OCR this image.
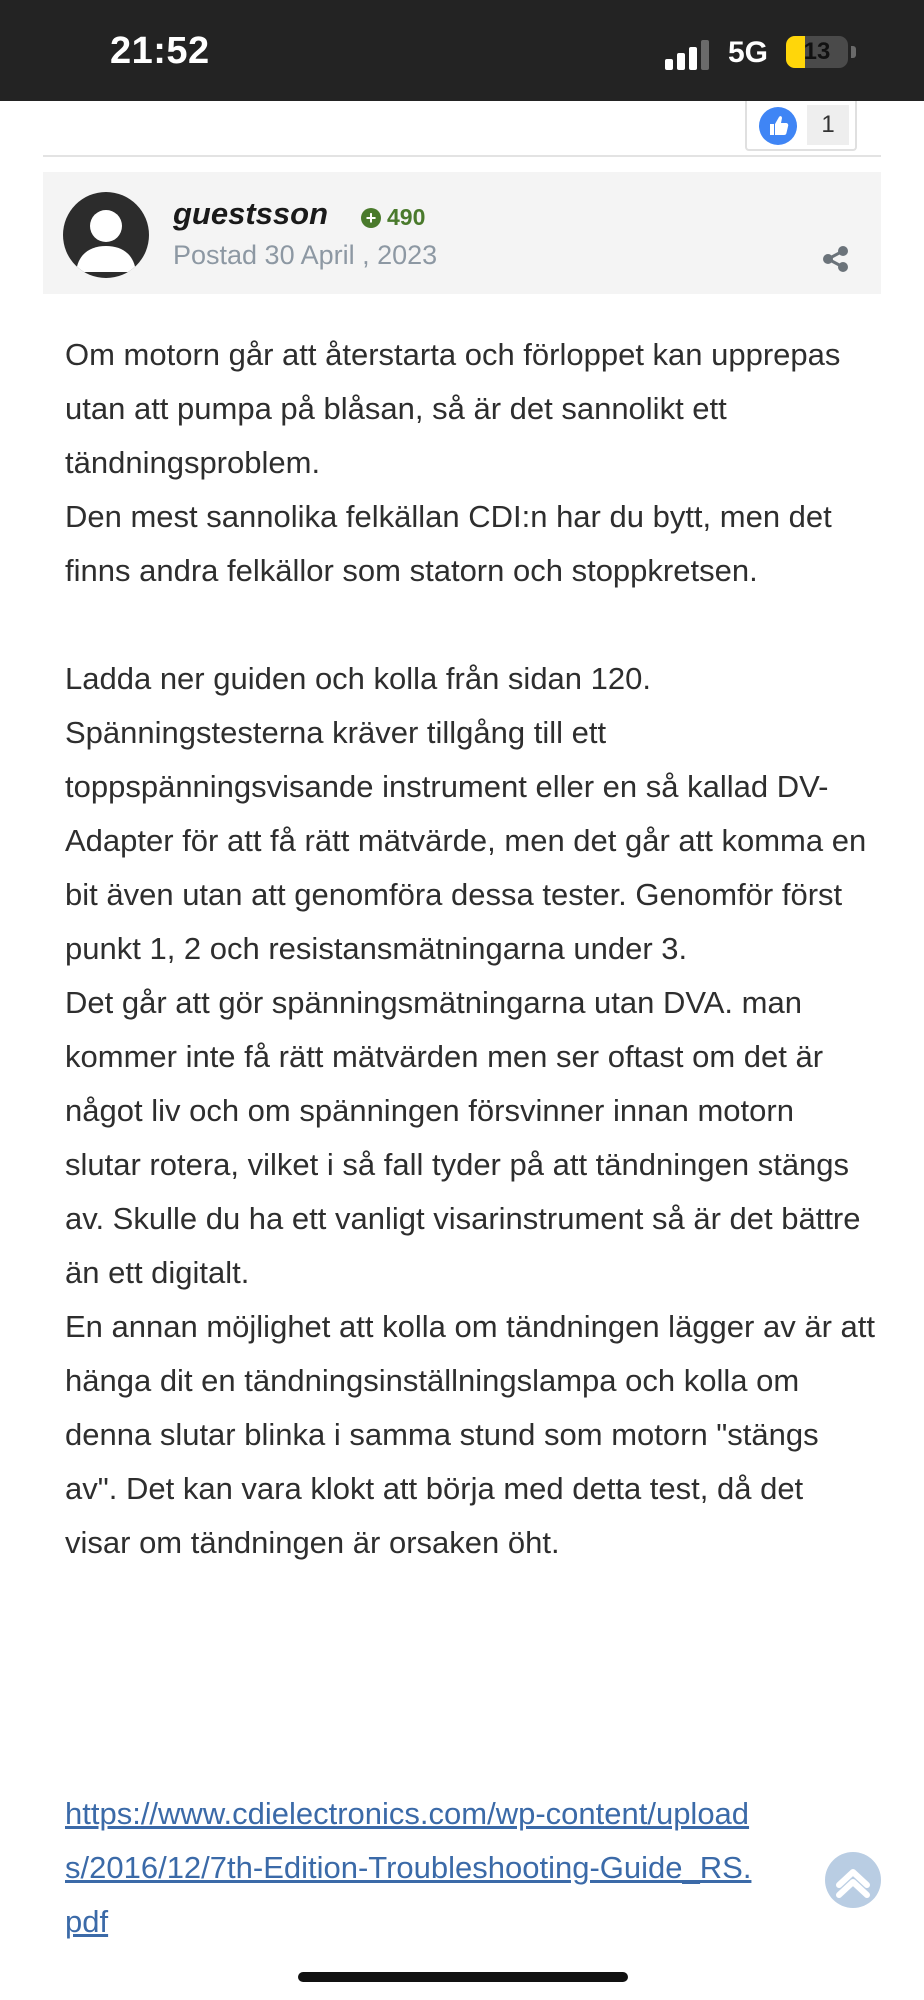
21:52	5G	13
1
guestsson + 490
Postad 30 April , 2023

Om motorn går att återstarta och förloppet kan upprepas utan att pumpa på blåsan, så är det sannolikt ett tändningsproblem.

Den mest sannolika felkällan CDI:n har du bytt, men det finns andra felkällor som statorn och stoppkretsen.

Ladda ner guiden och kolla från sidan 120. Spänningstesterna kräver tillgång till ett toppspänningsvisande instrument eller en så kallad DV-Adapter för att få rätt mätvärde, men det går att komma en bit även utan att genomföra dessa tester. Genomför först punkt 1, 2 och resistansmätningarna under 3.

Det går att gör spänningsmätningarna utan DVA. man kommer inte få rätt mätvärden men ser oftast om det är något liv och om spänningen försvinner innan motorn slutar rotera, vilket i så fall tyder på att tändningen stängs av. Skulle du ha ett vanligt visarinstrument så är det bättre än ett digitalt.

En annan möjlighet att kolla om tändningen lägger av är att hänga dit en tändningsinställningslampa och kolla om denna slutar blinka i samma stund som motorn "stängs av". Det kan vara klokt att börja med detta test, då det visar om tändningen är orsaken öht.

https://www.cdielectronics.com/wp-content/uploads/2016/12/7th-Edition-Troubleshooting-Guide_RS.pdf
